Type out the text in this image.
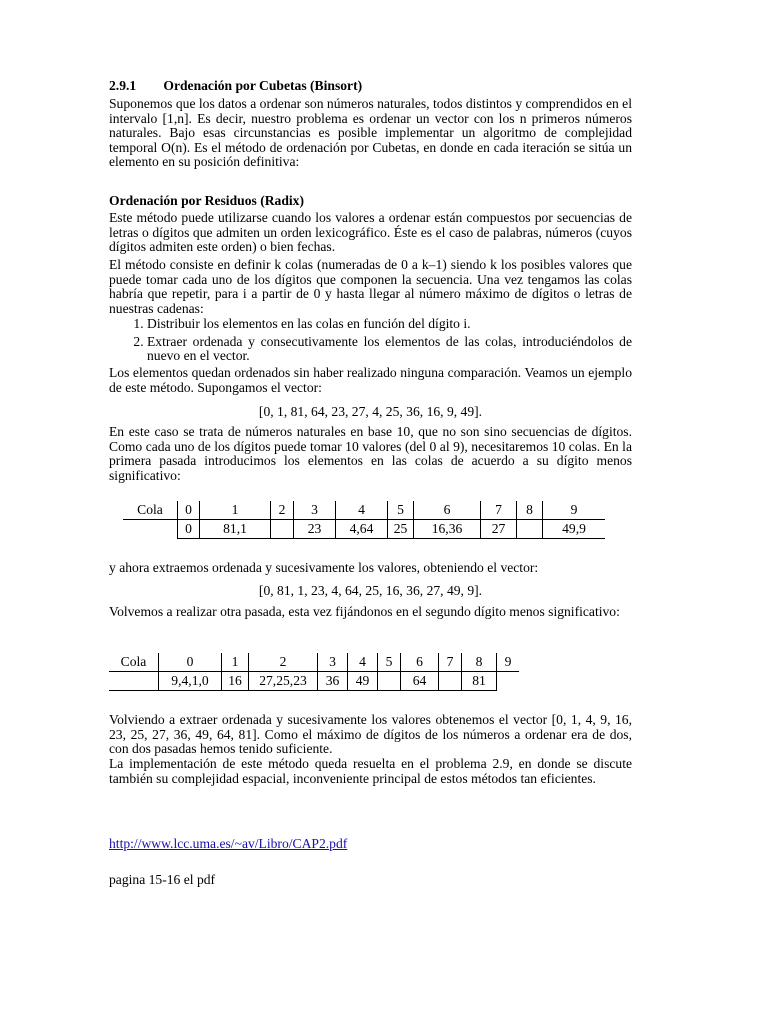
2.9.1  Ordenación por Cubetas (Binsort)
Suponemos que los datos a ordenar son números naturales, todos distintos y comprendidos en el intervalo [1,n]. Es decir, nuestro problema es ordenar un vector con los n primeros números naturales. Bajo esas circunstancias es posible implementar un algoritmo de complejidad temporal O(n). Es el método de ordenación por Cubetas, en donde en cada iteración se sitúa un elemento en su posición definitiva:
Ordenación por Residuos (Radix)
Este método puede utilizarse cuando los valores a ordenar están compuestos por secuencias de letras o dígitos que admiten un orden lexicográfico. Éste es el caso de palabras, números (cuyos dígitos admiten este orden) o bien fechas.
El método consiste en definir k colas (numeradas de 0 a k–1) siendo k los posibles valores que puede tomar cada uno de los dígitos que componen la secuencia. Una vez tengamos las colas habría que repetir, para i a partir de 0 y hasta llegar al número máximo de dígitos o letras de nuestras cadenas:
1. Distribuir los elementos en las colas en función del dígito i.
2. Extraer ordenada y consecutivamente los elementos de las colas, introduciéndolos de nuevo en el vector.
Los elementos quedan ordenados sin haber realizado ninguna comparación. Veamos un ejemplo de este método. Supongamos el vector:
[0, 1, 81, 64, 23, 27, 4, 25, 36, 16, 9, 49].
En este caso se trata de números naturales en base 10, que no son sino secuencias de dígitos. Como cada uno de los dígitos puede tomar 10 valores (del 0 al 9), necesitaremos 10 colas. En la primera pasada introducimos los elementos en las colas de acuerdo a su dígito menos significativo:
Cola	0	1	2	3	4	5	6	7	8	9
	0	81,1		23	4,64	25	16,36	27		49,9
y ahora extraemos ordenada y sucesivamente los valores, obteniendo el vector:
[0, 81, 1, 23, 4, 64, 25, 16, 36, 27, 49, 9].
Volvemos a realizar otra pasada, esta vez fijándonos en el segundo dígito menos significativo:
Cola	0	1	2	3	4	5	6	7	8	9
	9,4,1,0	16	27,25,23	36	49		64		81	
Volviendo a extraer ordenada y sucesivamente los valores obtenemos el vector [0, 1, 4, 9, 16, 23, 25, 27, 36, 49, 64, 81]. Como el máximo de dígitos de los números a ordenar era de dos, con dos pasadas hemos tenido suficiente.
La implementación de este método queda resuelta en el problema 2.9, en donde se discute también su complejidad espacial, inconveniente principal de estos métodos tan eficientes.
http://www.lcc.uma.es/~av/Libro/CAP2.pdf
pagina 15-16 el pdf
